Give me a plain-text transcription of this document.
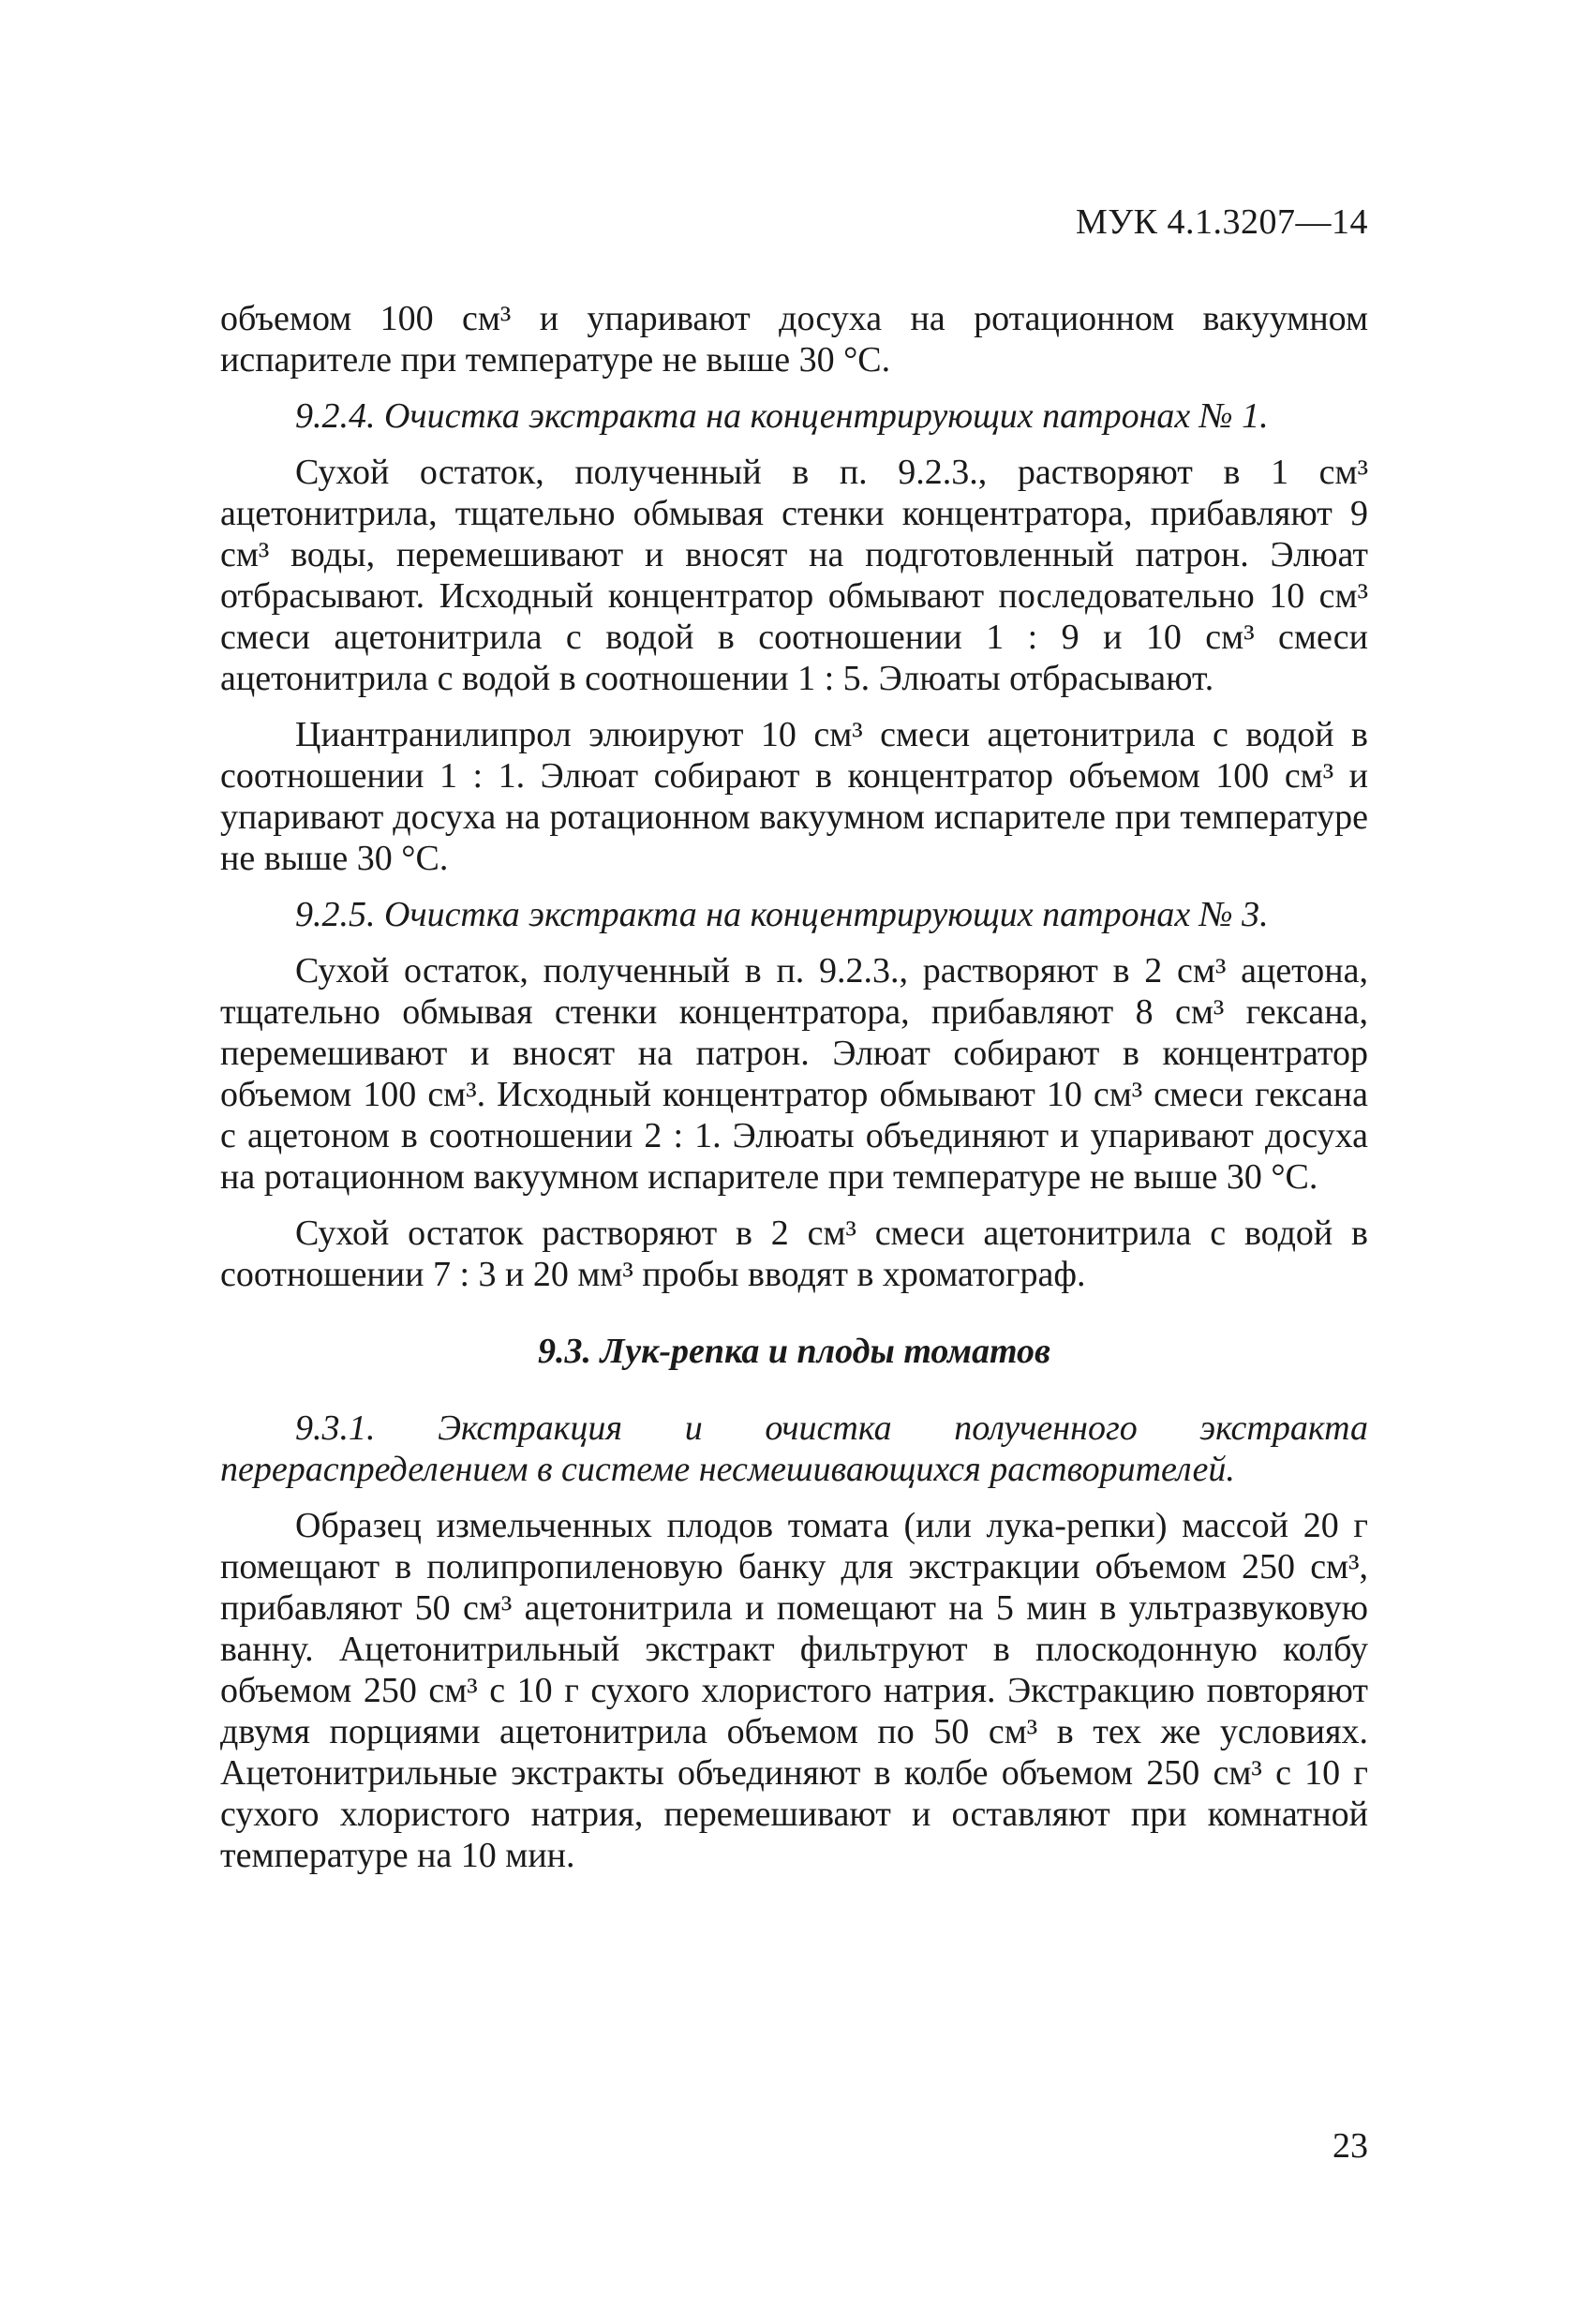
МУК 4.1.3207—14

объемом 100 см³ и упаривают досуха на ротационном вакуумном испарителе при температуре не выше 30 °С.

9.2.4. Очистка экстракта на концентрирующих патронах № 1.

Сухой остаток, полученный в п. 9.2.3., растворяют в 1 см³ ацетонитрила, тщательно обмывая стенки концентратора, прибавляют 9 см³ воды, перемешивают и вносят на подготовленный патрон. Элюат отбрасывают. Исходный концентратор обмывают последовательно 10 см³ смеси ацетонитрила с водой в соотношении 1 : 9 и 10 см³ смеси ацетонитрила с водой в соотношении 1 : 5. Элюаты отбрасывают.

Циантранилипрол элюируют 10 см³ смеси ацетонитрила с водой в соотношении 1 : 1. Элюат собирают в концентратор объемом 100 см³ и упаривают досуха на ротационном вакуумном испарителе при температуре не выше 30 °С.

9.2.5. Очистка экстракта на концентрирующих патронах № 3.

Сухой остаток, полученный в п. 9.2.3., растворяют в 2 см³ ацетона, тщательно обмывая стенки концентратора, прибавляют 8 см³ гексана, перемешивают и вносят на патрон. Элюат собирают в концентратор объемом 100 см³. Исходный концентратор обмывают 10 см³ смеси гексана с ацетоном в соотношении 2 : 1. Элюаты объединяют и упаривают досуха на ротационном вакуумном испарителе при температуре не выше 30 °С.

Сухой остаток растворяют в 2 см³ смеси ацетонитрила с водой в соотношении 7 : 3 и 20 мм³ пробы вводят в хроматограф.

9.3. Лук-репка и плоды томатов

9.3.1. Экстракция и очистка полученного экстракта перераспределением в системе несмешивающихся растворителей.

Образец измельченных плодов томата (или лука-репки) массой 20 г помещают в полипропиленовую банку для экстракции объемом 250 см³, прибавляют 50 см³ ацетонитрила и помещают на 5 мин в ультразвуковую ванну. Ацетонитрильный экстракт фильтруют в плоскодонную колбу объемом 250 см³ с 10 г сухого хлористого натрия. Экстракцию повторяют двумя порциями ацетонитрила объемом по 50 см³ в тех же условиях. Ацетонитрильные экстракты объединяют в колбе объемом 250 см³ с 10 г сухого хлористого натрия, перемешивают и оставляют при комнатной температуре на 10 мин.

23
